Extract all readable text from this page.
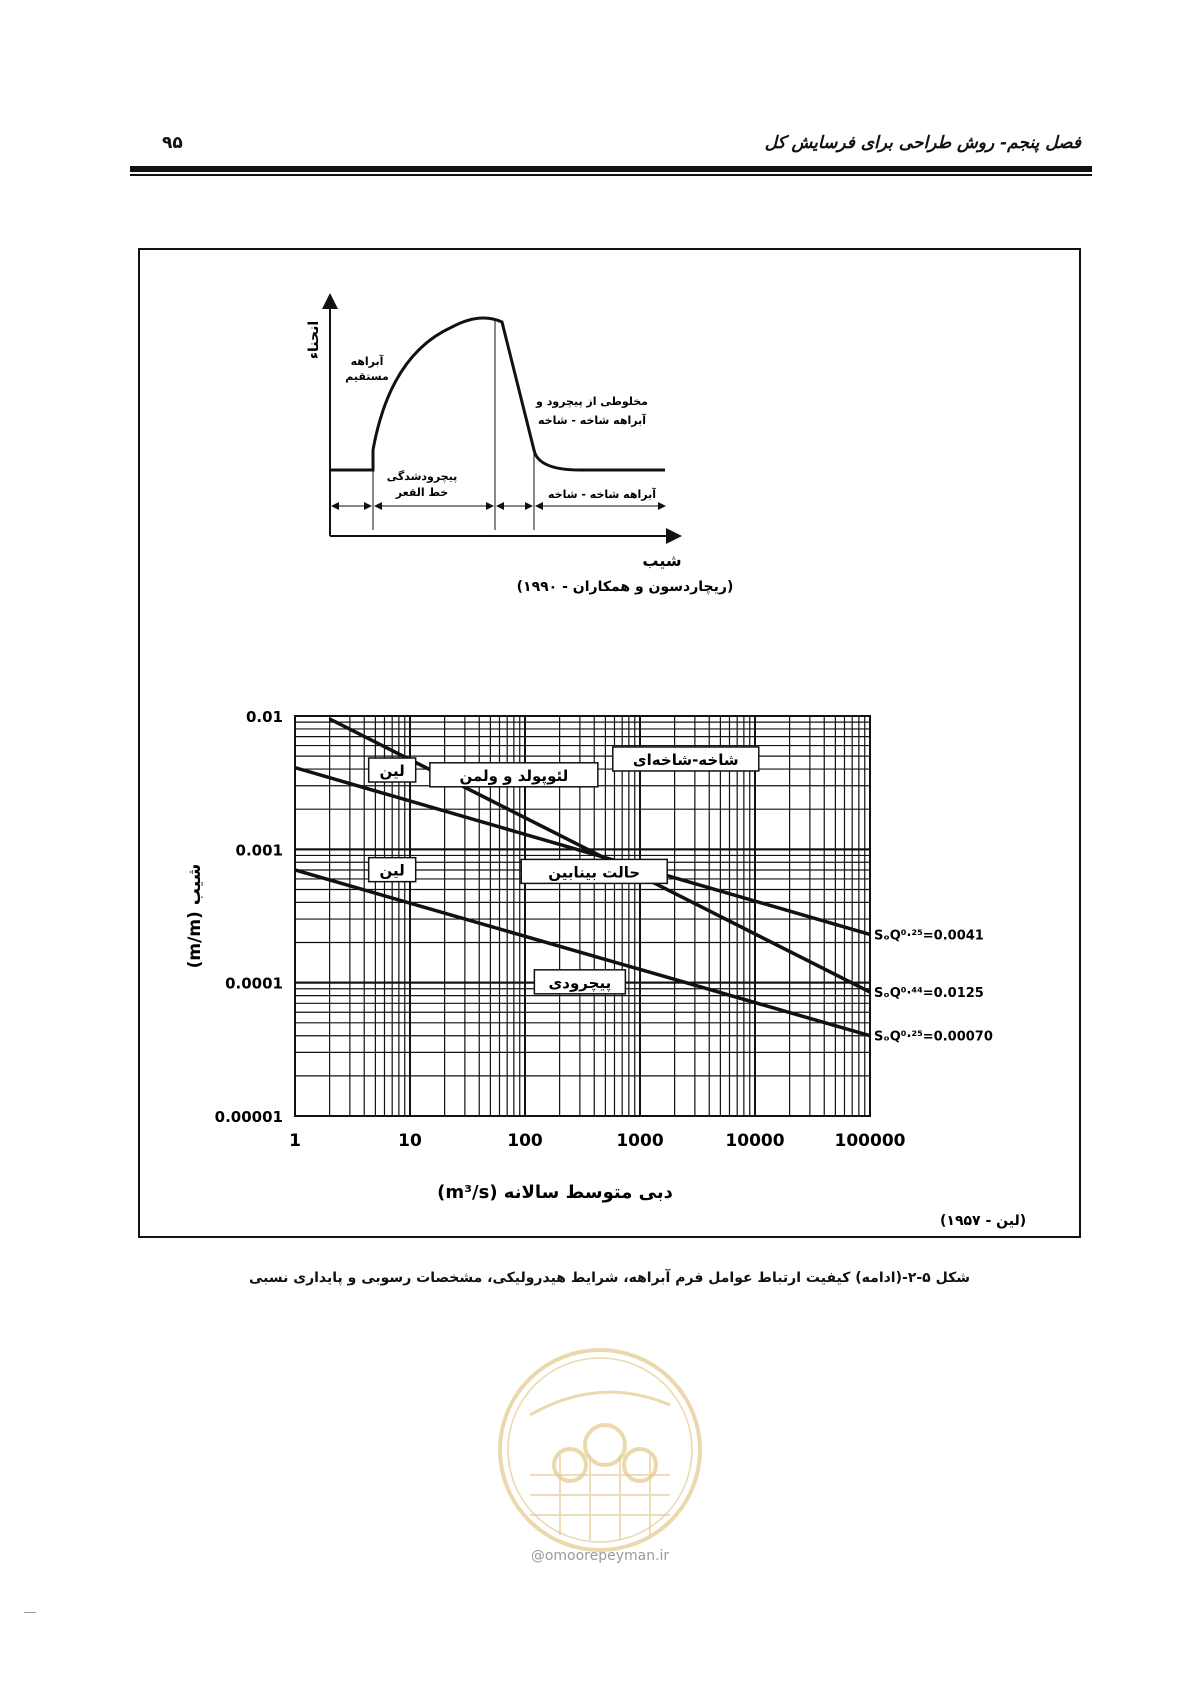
۹۵	فصل پنجم- روش طراحی برای فرسایش کل
انحناء
آبراهه
مستقیم
مخلوطی از پیچرود و
آبراهه شاخه - شاخه
پیچرودشدگی
خط القعر	آبراهه شاخه - شاخه
شیب
(ریچاردسون و همکاران - ۱۹۹۰)
شاخه-شاخه‌ای
لین	لئوپولد و ولمن
حالت بینابین
لین
پیچرودی
1	10	100	1000	10000	100000
0.01
0.001
0.0001
0.00001
SₒQ⁰·²⁵=0.0041
SₒQ⁰·⁴⁴=0.0125
SₒQ⁰·²⁵=0.00070
شیب (m/m)
دبی متوسط سالانه (m³/s)
(لین - ۱۹۵۷)
شکل ۵-۲-(ادامه) کیفیت ارتباط عوامل فرم آبراهه، شرایط هیدرولیکی، مشخصات رسوبی و پایداری نسبی
@omoorepeyman.ir
